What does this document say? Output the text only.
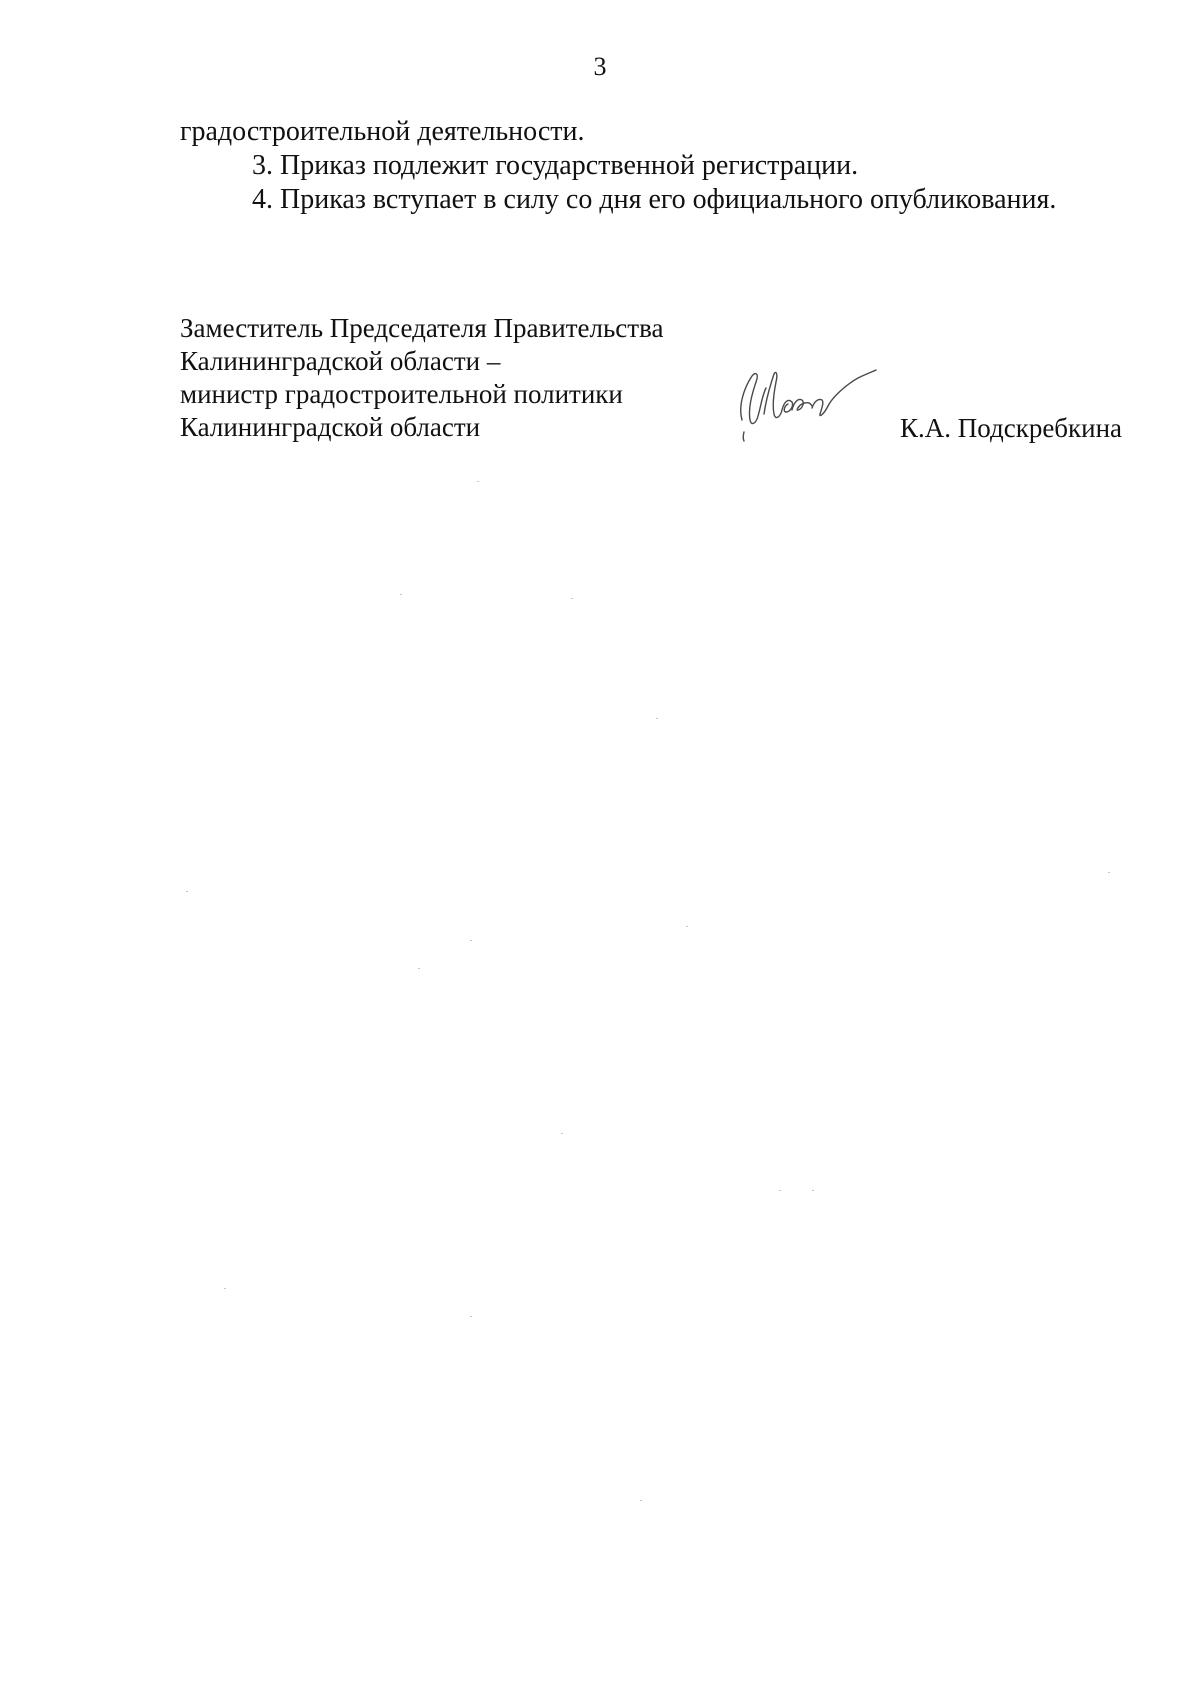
3
градостроительной деятельности.
3. Приказ подлежит государственной регистрации.
4. Приказ вступает в силу со дня его официального опубликования.
Заместитель Председателя Правительства
Калининградской области –
министр градостроительной политики
Калининградской области	К.А. Подскребкина
